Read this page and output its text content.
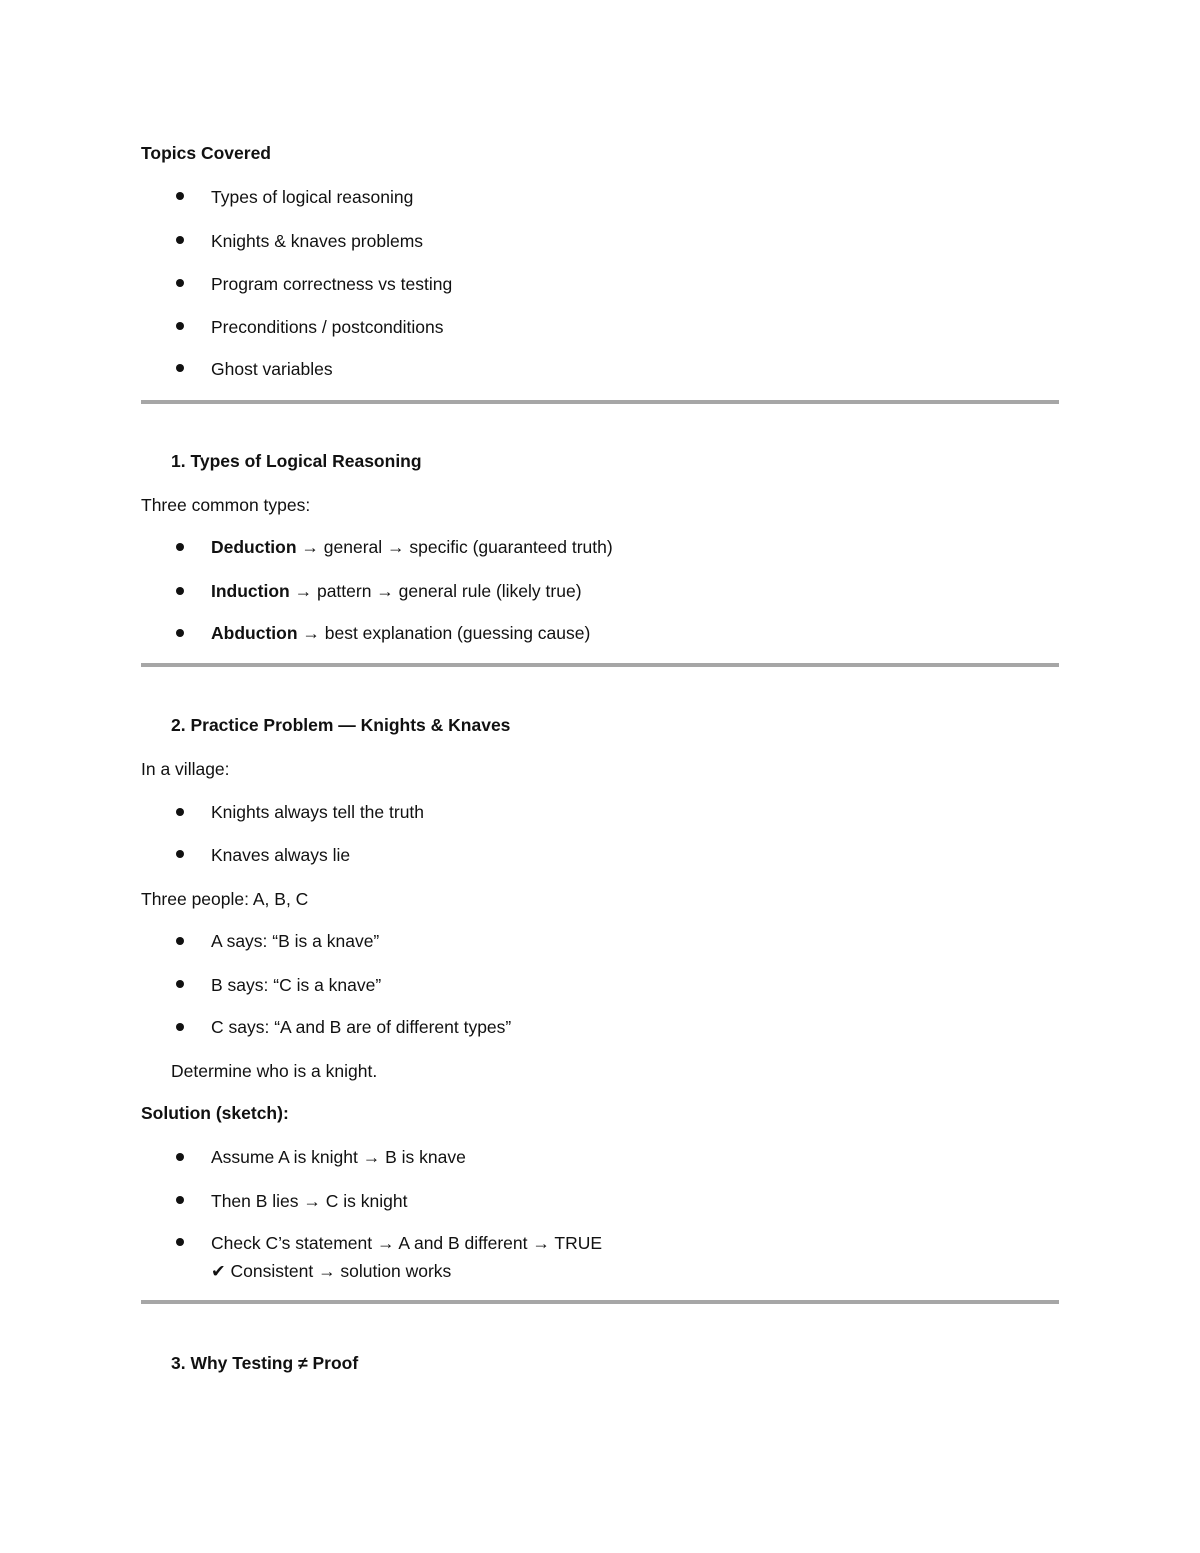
Topics Covered
Types of logical reasoning
Knights & knaves problems
Program correctness vs testing
Preconditions / postconditions
Ghost variables
1. Types of Logical Reasoning
Three common types:
Deduction → general → specific (guaranteed truth)
Induction → pattern → general rule (likely true)
Abduction → best explanation (guessing cause)
2. Practice Problem — Knights & Knaves
In a village:
Knights always tell the truth
Knaves always lie
Three people: A, B, C
A says: “B is a knave”
B says: “C is a knave”
C says: “A and B are of different types”
Determine who is a knight.
Solution (sketch):
Assume A is knight → B is knave
Then B lies → C is knight
Check C’s statement → A and B different → TRUE
✔ Consistent → solution works
3. Why Testing ≠ Proof
